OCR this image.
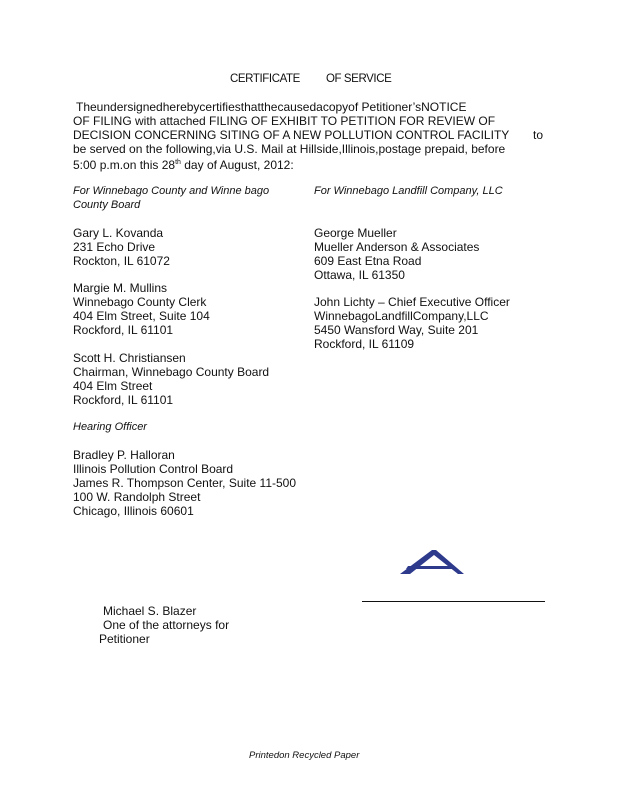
CERTIFICATE OF SERVICE
Theundersignedherebycertifiesthatthecausedacopyof Petitioner’sNOTICE
OF FILING with attached FILING OF EXHIBIT TO PETITION FOR REVIEW OF
DECISION CONCERNING SITING OF A NEW POLLUTION CONTROL FACILITY	to
be served on the following,via U.S. Mail at Hillside,Illinois,postage prepaid, before
5:00 p.m.on this 28th day of August, 2012:
For Winnebago County and Winne bago
County Board
Gary L. Kovanda
231 Echo Drive
Rockton, IL 61072
Margie M. Mullins
Winnebago County Clerk
404 Elm Street, Suite 104
Rockford, IL 61101
Scott H. Christiansen
Chairman, Winnebago County Board
404 Elm Street
Rockford, IL 61101
Hearing Officer
Bradley P. Halloran
Illinois Pollution Control Board
James R. Thompson Center, Suite 11-500
100 W. Randolph Street
Chicago, Illinois 60601
For Winnebago Landfill Company, LLC
George Mueller
Mueller Anderson & Associates
609 East Etna Road
Ottawa, IL 61350
John Lichty – Chief Executive Officer
WinnebagoLandfillCompany,LLC
5450 Wansford Way, Suite 201
Rockford, IL 61109
Michael S. Blazer
One of the attorneys for
Petitioner
Printedon Recycled Paper
